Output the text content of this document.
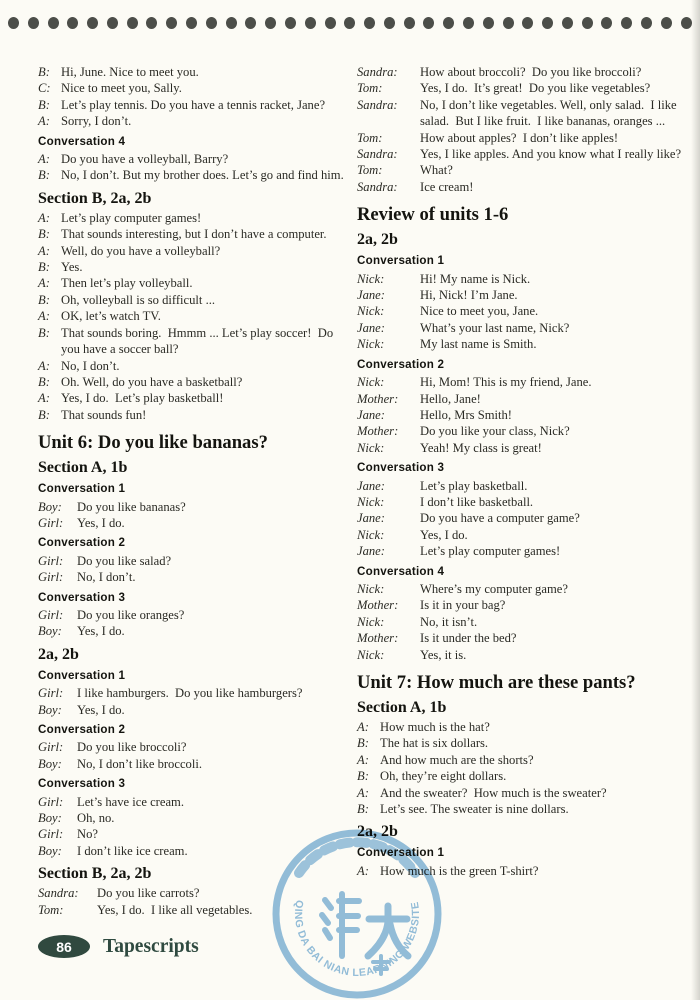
B: Hi, June. Nice to meet you.
C: Nice to meet you, Sally.
B: Let’s play tennis. Do you have a tennis racket, Jane?
A: Sorry, I don’t.
Conversation 4
A: Do you have a volleyball, Barry?
B: No, I don’t. But my brother does. Let’s go and find him.
Section B, 2a, 2b
A: Let’s play computer games!
B: That sounds interesting, but I don’t have a computer.
A: Well, do you have a volleyball?
B: Yes.
A: Then let’s play volleyball.
B: Oh, volleyball is so difficult ...
A: OK, let’s watch TV.
B: That sounds boring.  Hmmm ... Let’s play soccer!  Do you have a soccer ball?
A: No, I don’t.
B: Oh. Well, do you have a basketball?
A: Yes, I do.  Let’s play basketball!
B: That sounds fun!
Unit 6: Do you like bananas?
Section A, 1b
Conversation 1
Boy:	Do you like bananas?
Girl:	Yes, I do.
Conversation 2
Girl:	Do you like salad?
Girl:	No, I don’t.
Conversation 3
Girl:	Do you like oranges?
Boy:	Yes, I do.
2a, 2b
Conversation 1
Girl:	I like hamburgers.  Do you like hamburgers?
Boy:	Yes, I do.
Conversation 2
Girl:	Do you like broccoli?
Boy:	No, I don’t like broccoli.
Conversation 3
Girl:	Let’s have ice cream.
Boy:	Oh, no.
Girl:	No?
Boy:	I don’t like ice cream.
Section B, 2a, 2b
Sandra:	Do you like carrots?
Tom:	Yes, I do.  I like all vegetables.
Sandra:	How about broccoli?  Do you like broccoli?
Tom:	Yes, I do.  It’s great!  Do you like vegetables?
Sandra:	No, I don’t like vegetables. Well, only salad.  I like salad.  But I like fruit.  I like bananas, oranges ...
Tom:	How about apples?  I don’t like apples!
Sandra:	Yes, I like apples. And you know what I really like?
Tom:	What?
Sandra:	Ice cream!
Review of units 1-6
2a, 2b
Conversation 1
Nick:	Hi! My name is Nick.
Jane:	Hi, Nick! I’m Jane.
Nick:	Nice to meet you, Jane.
Jane:	What’s your last name, Nick?
Nick:	My last name is Smith.
Conversation 2
Nick:	Hi, Mom! This is my friend, Jane.
Mother:	Hello, Jane!
Jane:	Hello, Mrs Smith!
Mother:	Do you like your class, Nick?
Nick:	Yeah! My class is great!
Conversation 3
Jane:	Let’s play basketball.
Nick:	I don’t like basketball.
Jane:	Do you have a computer game?
Nick:	Yes, I do.
Jane:	Let’s play computer games!
Conversation 4
Nick:	Where’s my computer game?
Mother:	Is it in your bag?
Nick:	No, it isn’t.
Mother:	Is it under the bed?
Nick:	Yes, it is.
Unit 7: How much are these pants?
Section A, 1b
A: How much is the hat?
B: The hat is six dollars.
A: And how much are the shorts?
B: Oh, they’re eight dollars.
A: And the sweater?  How much is the sweater?
B: Let’s see. The sweater is nine dollars.
2a, 2b
Conversation 1
A: How much is the green T-shirt?
QING DA BAI NIAN LEARNING WEBSITE
86 Tapescripts
